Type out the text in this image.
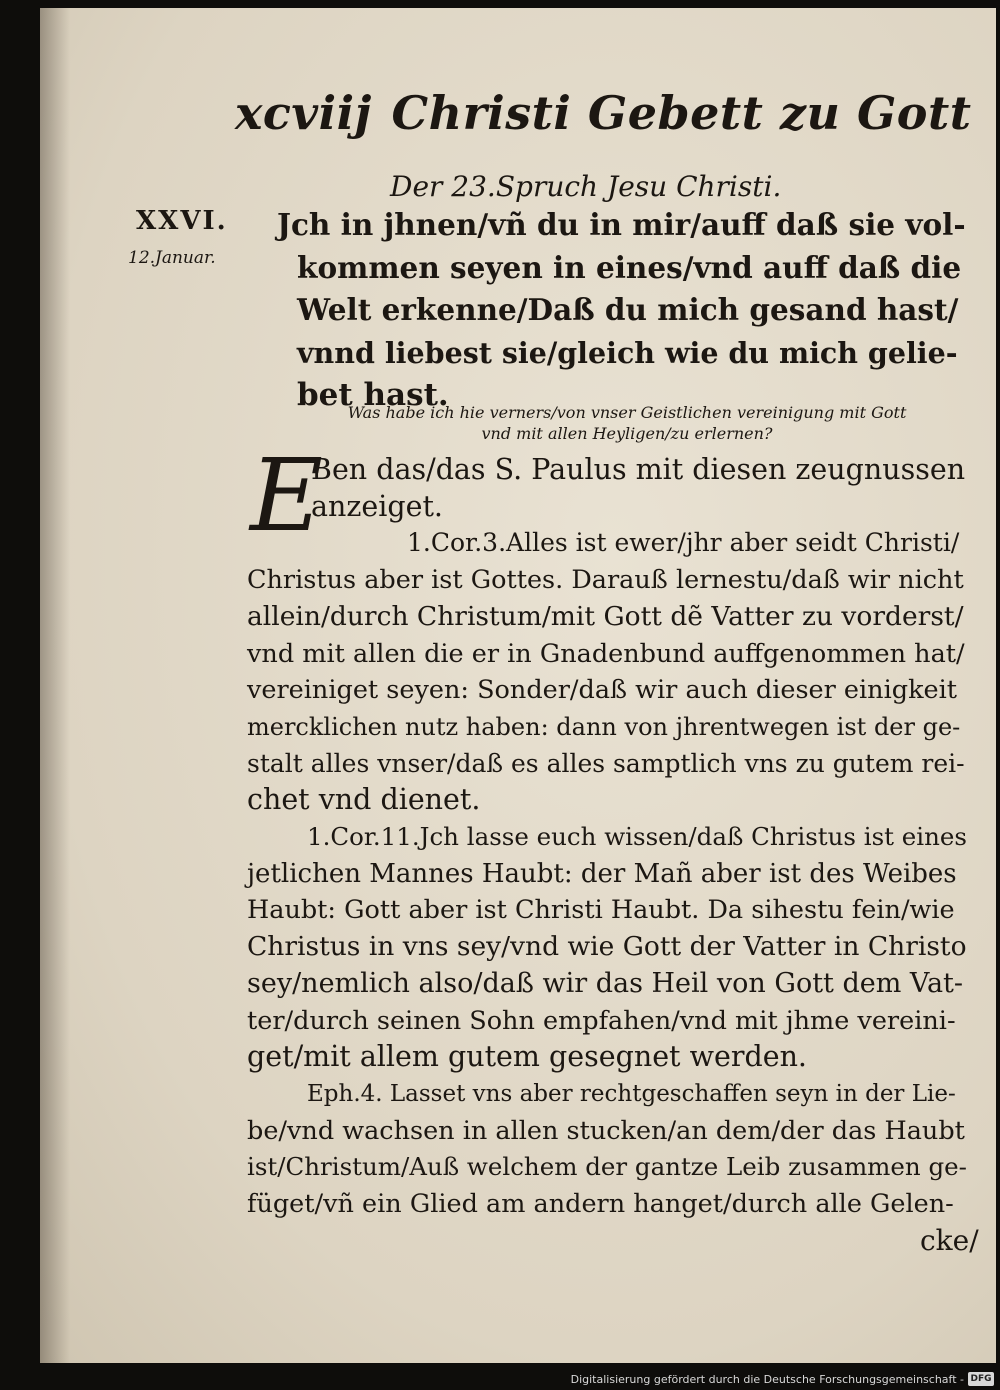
xcviij Christi Gebett zu Gott
Der 23.Spruch Jesu Christi.
XXVI.
12.Januar.
Jch in jhnen/vñ du in mir/auff daß sie vol-
kommen seyen in eines/vnd auff daß die
Welt erkenne/Daß du mich gesand hast/
vnnd liebest sie/gleich wie du mich gelie-
bet hast.
Was habe ich hie verners/von vnser Geistlichen vereinigung mit Gott
vnd mit allen Heyligen/zu erlernen?
E
Ben das/das S. Paulus mit diesen zeugnussen
anzeiget.
1.Cor.3.Alles ist ewer/jhr aber seidt Christi/
Christus aber ist Gottes. Darauß lernestu/daß wir nicht
allein/durch Christum/mit Gott dẽ Vatter zu vorderst/
vnd mit allen die er in Gnadenbund auffgenommen hat/
vereiniget seyen: Sonder/daß wir auch dieser einigkeit
mercklichen nutz haben: dann von jhrentwegen ist der ge-
stalt alles vnser/daß es alles samptlich vns zu gutem rei-
chet vnd dienet.
1.Cor.11.Jch lasse euch wissen/daß Christus ist eines
jetlichen Mannes Haubt: der Mañ aber ist des Weibes
Haubt: Gott aber ist Christi Haubt. Da sihestu fein/wie
Christus in vns sey/vnd wie Gott der Vatter in Christo
sey/nemlich also/daß wir das Heil von Gott dem Vat-
ter/durch seinen Sohn empfahen/vnd mit jhme vereini-
get/mit allem gutem gesegnet werden.
Eph.4. Lasset vns aber rechtgeschaffen seyn in der Lie-
be/vnd wachsen in allen stucken/an dem/der das Haubt
ist/Christum/Auß welchem der gantze Leib zusammen ge-
füget/vñ ein Glied am andern hanget/durch alle Gelen-
cke/
Digitalisierung gefördert durch die Deutsche Forschungsgemeinschaft - DFG
